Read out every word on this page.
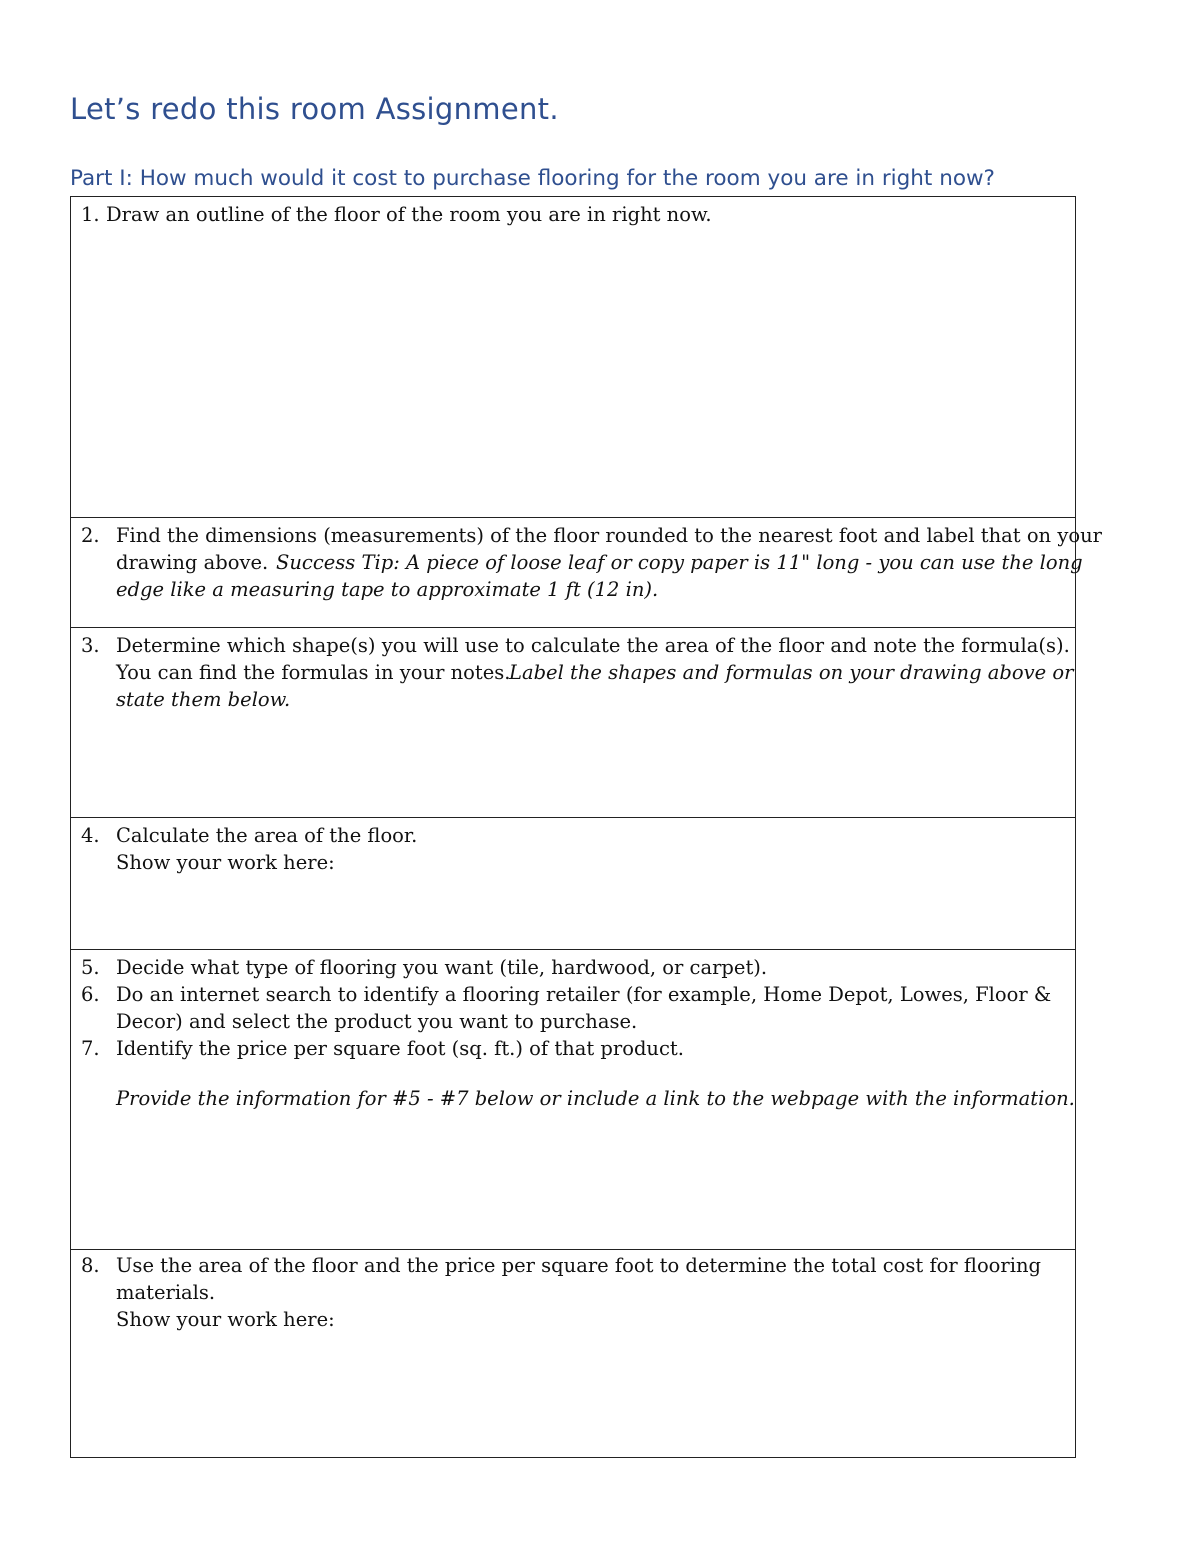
Let’s redo this room Assignment.
Part I: How much would it cost to purchase flooring for the room you are in right now?
1. Draw an outline of the floor of the room you are in right now.
2. Find the dimensions (measurements) of the floor rounded to the nearest foot and label that on your
drawing above. Success Tip: A piece of loose leaf or copy paper is 11" long - you can use the long
edge like a measuring tape to approximate 1 ft (12 in).
3. Determine which shape(s) you will use to calculate the area of the floor and note the formula(s).
You can find the formulas in your notes.
Label the shapes and formulas on your drawing above or
state them below.
4. Calculate the area of the floor.
Show your work here:
5. Decide what type of flooring you want (tile, hardwood, or carpet).
6. Do an internet search to identify a flooring retailer (for example, Home Depot, Lowes, Floor &
Decor) and select the product you want to purchase.
7. Identify the price per square foot (sq. ft.) of that product.
Provide the information for #5 - #7 below or include a link to the webpage with the information.
8. Use the area of the floor and the price per square foot to determine the total cost for flooring
materials.
Show your work here:
